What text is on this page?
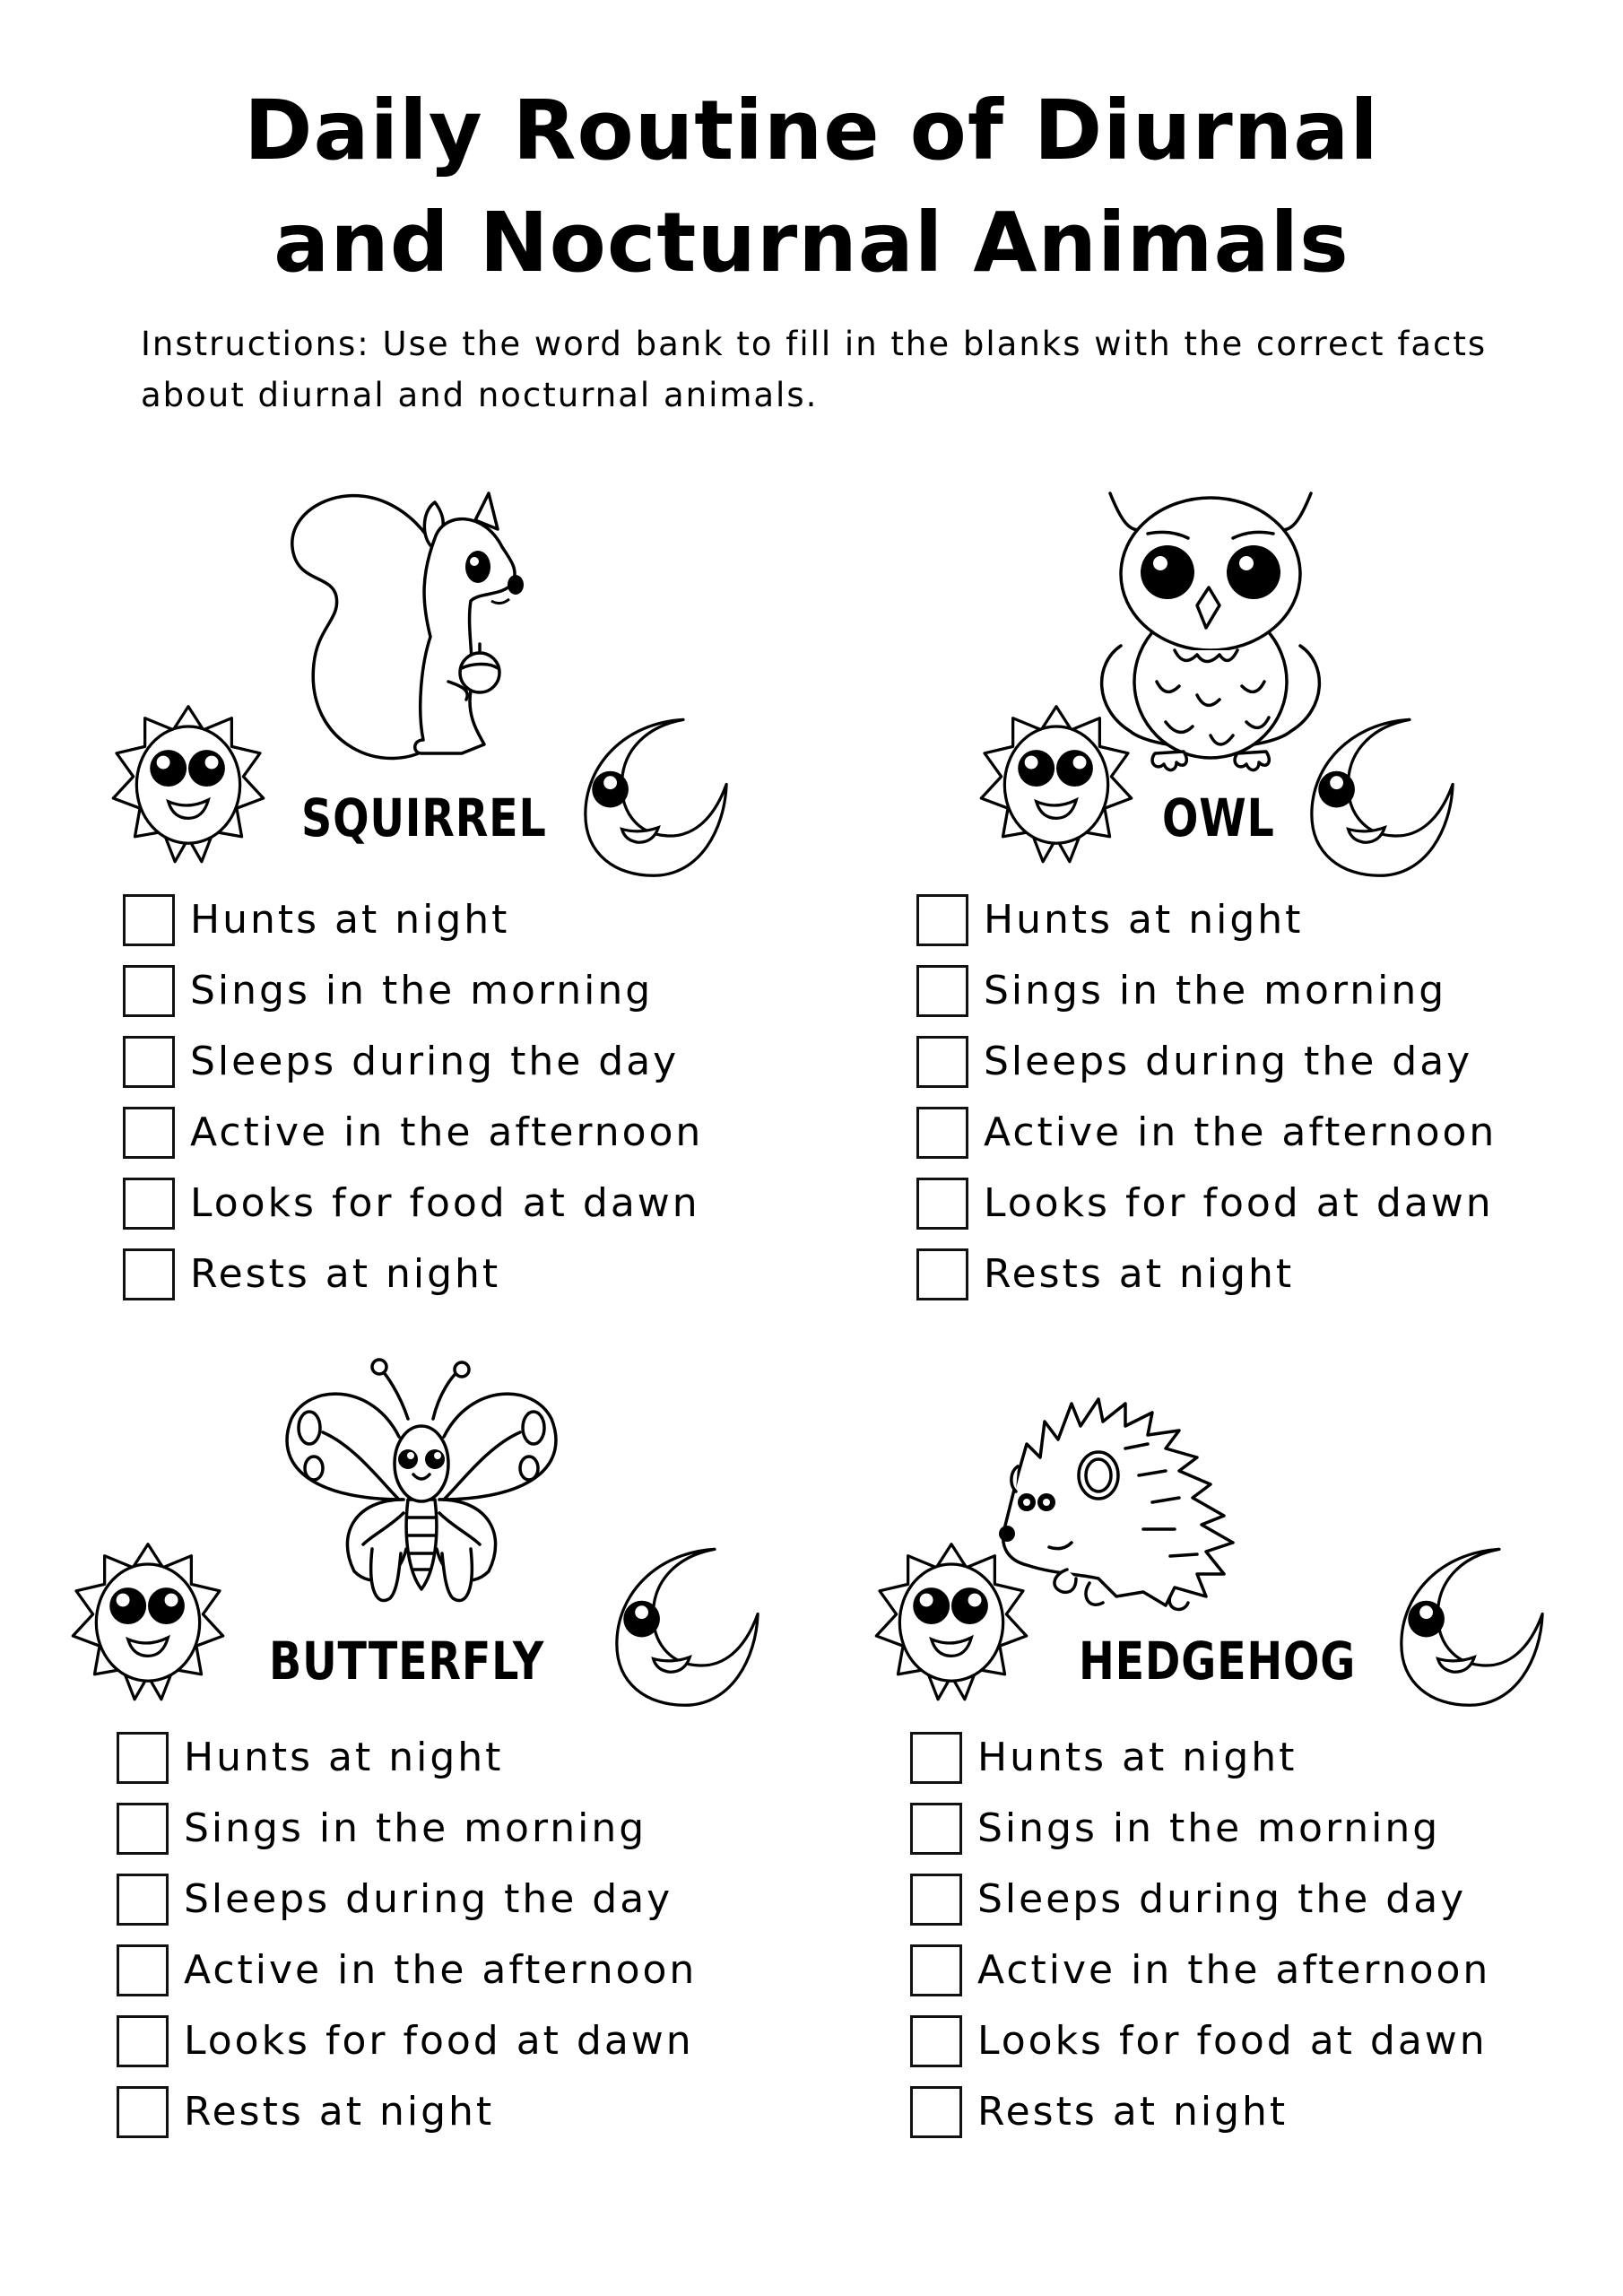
Daily Routine of Diurnal
and Nocturnal Animals
Instructions: Use the word bank to fill in the blanks with the correct facts
about diurnal and nocturnal animals.
SQUIRREL
Hunts at night
Sings in the morning
Sleeps during the day
Active in the afternoon
Looks for food at dawn
Rests at night
OWL
Hunts at night
Sings in the morning
Sleeps during the day
Active in the afternoon
Looks for food at dawn
Rests at night
BUTTERFLY
Hunts at night
Sings in the morning
Sleeps during the day
Active in the afternoon
Looks for food at dawn
Rests at night
HEDGEHOG
Hunts at night
Sings in the morning
Sleeps during the day
Active in the afternoon
Looks for food at dawn
Rests at night
